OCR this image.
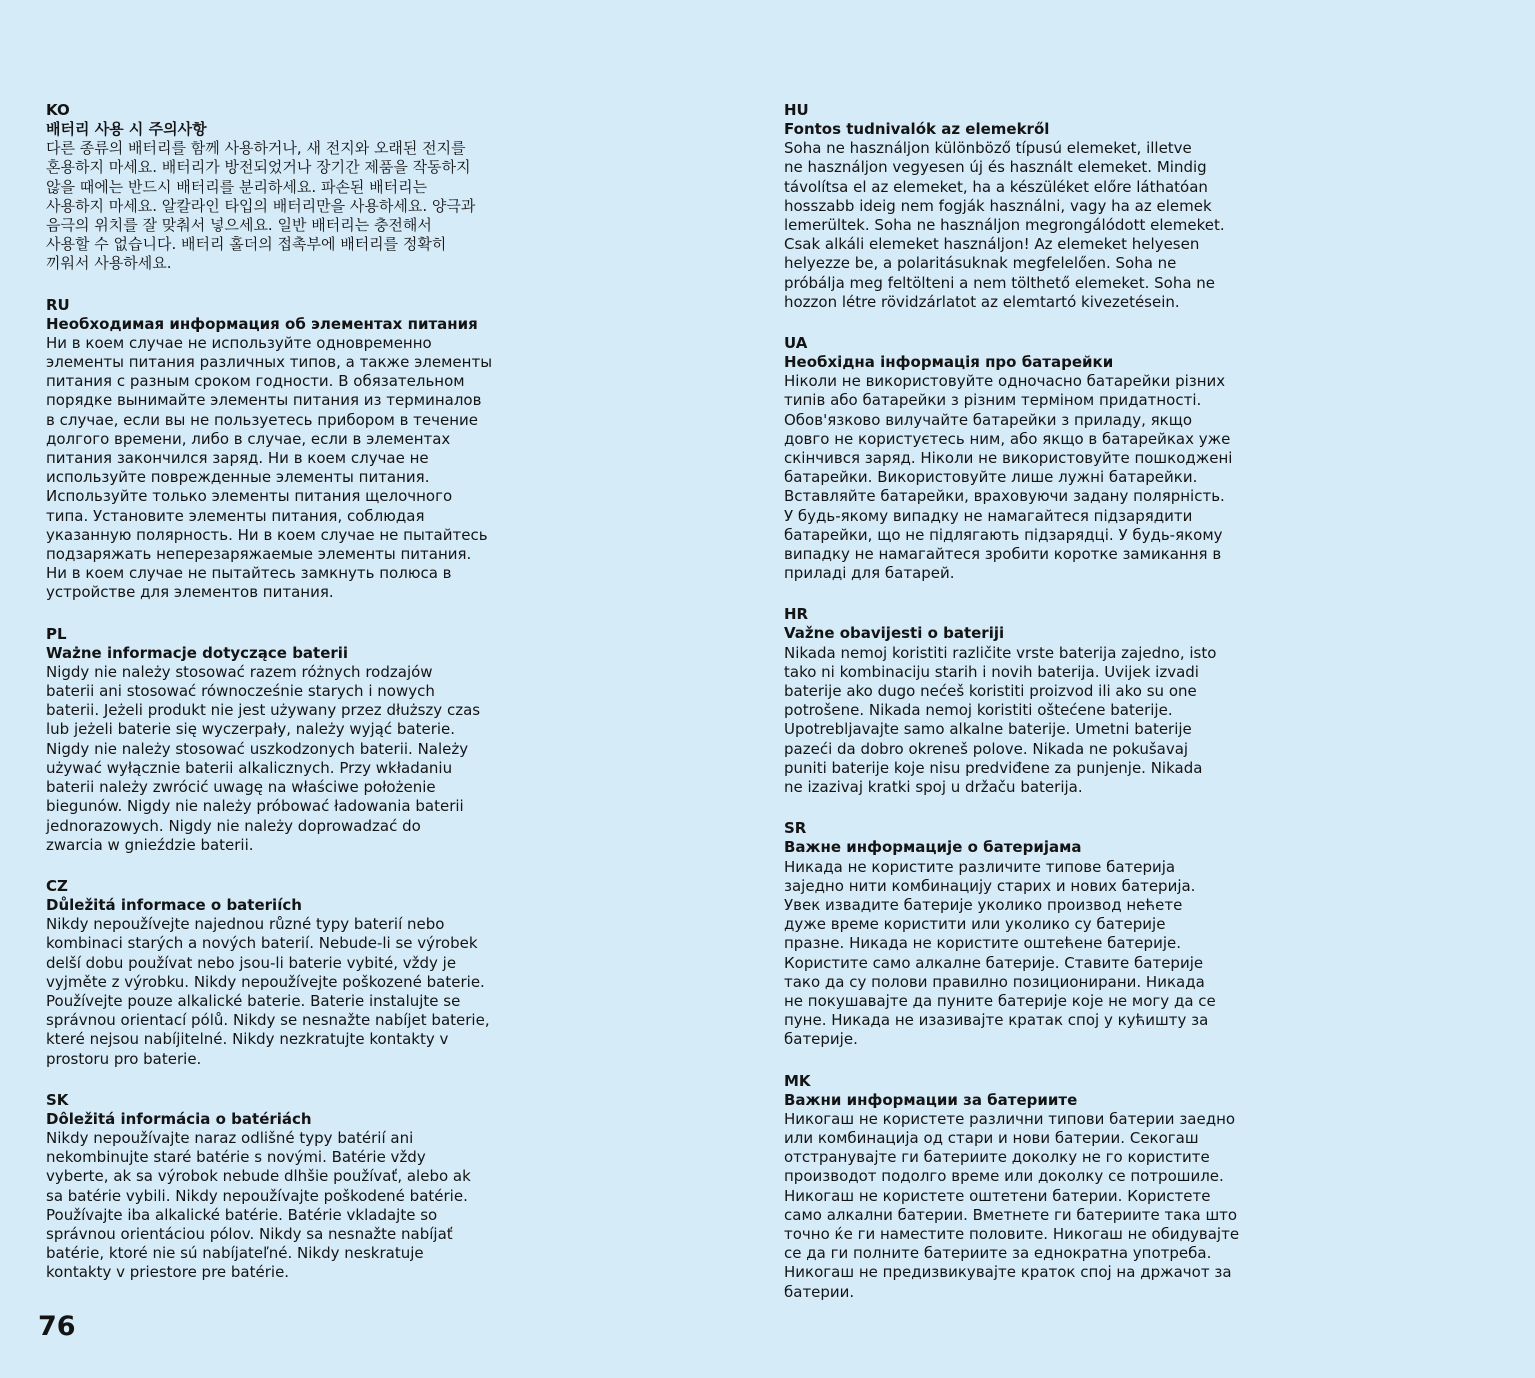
KO

배터리 사용 시 주의사항

다른 종류의 배터리를 함께 사용하거나, 새 전지와 오래된 전지를
혼용하지 마세요. 배터리가 방전되었거나 장기간 제품을 작동하지
않을 때에는 반드시 배터리를 분리하세요. 파손된 배터리는
사용하지 마세요. 알칼라인 타입의 배터리만을 사용하세요. 양극과
음극의 위치를 잘 맞춰서 넣으세요. 일반 배터리는 충전해서
사용할 수 없습니다. 배터리 홀더의 접촉부에 배터리를 정확히
끼워서 사용하세요.

RU

Необходимая информация об элементах питания

Ни в коем случае не используйте одновременно
элементы питания различных типов, а также элементы
питания с разным сроком годности. В обязательном
порядке вынимайте элементы питания из терминалов
в случае, если вы не пользуетесь прибором в течение
долгого времени, либо в случае, если в элементах
питания закончился заряд. Ни в коем случае не
используйте поврежденные элементы питания.
Используйте только элементы питания щелочного
типа. Установите элементы питания, соблюдая
указанную полярность. Ни в коем случае не пытайтесь
подзаряжать неперезаряжаемые элементы питания.
Ни в коем случае не пытайтесь замкнуть полюса в
устройстве для элементов питания.

PL

Ważne informacje dotyczące baterii

Nigdy nie należy stosować razem różnych rodzajów
baterii ani stosować równocześnie starych i nowych
baterii. Jeżeli produkt nie jest używany przez dłuższy czas
lub jeżeli baterie się wyczerpały, należy wyjąć baterie.
Nigdy nie należy stosować uszkodzonych baterii. Należy
używać wyłącznie baterii alkalicznych. Przy wkładaniu
baterii należy zwrócić uwagę na właściwe położenie
biegunów. Nigdy nie należy próbować ładowania baterii
jednorazowych. Nigdy nie należy doprowadzać do
zwarcia w gnieździe baterii.

CZ

Důležitá informace o bateriích

Nikdy nepoužívejte najednou různé typy baterií nebo
kombinaci starých a nových baterií. Nebude-li se výrobek
delší dobu používat nebo jsou-li baterie vybité, vždy je
vyjměte z výrobku. Nikdy nepoužívejte poškozené baterie.
Používejte pouze alkalické baterie. Baterie instalujte se
správnou orientací pólů. Nikdy se nesnažte nabíjet baterie,
které nejsou nabíjitelné. Nikdy nezkratujte kontakty v
prostoru pro baterie.

SK

Dôležitá informácia o batériách

Nikdy nepoužívajte naraz odlišné typy batérií ani
nekombinujte staré batérie s novými. Batérie vždy
vyberte, ak sa výrobok nebude dlhšie používať, alebo ak
sa batérie vybili. Nikdy nepoužívajte poškodené batérie.
Používajte iba alkalické batérie. Batérie vkladajte so
správnou orientáciou pólov. Nikdy sa nesnažte nabíjať
batérie, ktoré nie sú nabíjateľné. Nikdy neskratuje
kontakty v priestore pre batérie.

HU

Fontos tudnivalók az elemekről

Soha ne használjon különböző típusú elemeket, illetve
ne használjon vegyesen új és használt elemeket. Mindig
távolítsa el az elemeket, ha a készüléket előre láthatóan
hosszabb ideig nem fogják használni, vagy ha az elemek
lemerültek. Soha ne használjon megrongálódott elemeket.
Csak alkáli elemeket használjon! Az elemeket helyesen
helyezze be, a polaritásuknak megfelelően. Soha ne
próbálja meg feltölteni a nem tölthető elemeket. Soha ne
hozzon létre rövidzárlatot az elemtartó kivezetésein.

UA

Необхідна інформація про батарейки

Ніколи не використовуйте одночасно батарейки різних
типів або батарейки з різним терміном придатності.
Обов'язково вилучайте батарейки з приладу, якщо
довго не користуєтесь ним, або якщо в батарейках уже
скінчився заряд. Ніколи не використовуйте пошкоджені
батарейки. Використовуйте лише лужні батарейки.
Вставляйте батарейки, враховуючи задану полярність.
У будь-якому випадку не намагайтеся підзарядити
батарейки, що не підлягають підзарядці. У будь-якому
випадку не намагайтеся зробити коротке замикання в
приладі для батарей.

HR

Važne obavijesti o bateriji

Nikada nemoj koristiti različite vrste baterija zajedno, isto
tako ni kombinaciju starih i novih baterija. Uvijek izvadi
baterije ako dugo nećeš koristiti proizvod ili ako su one
potrošene. Nikada nemoj koristiti oštećene baterije.
Upotrebljavajte samo alkalne baterije. Umetni baterije
pazeći da dobro okreneš polove. Nikada ne pokušavaj
puniti baterije koje nisu predviđene za punjenje. Nikada
ne izazivaj kratki spoj u držaču baterija.

SR

Важне информације о батеријама

Никада не користите различите типове батерија
заједно нити комбинацију старих и нових батерија.
Увек извадите батерије уколико производ нећете
дуже време користити или уколико су батерије
празне. Никада не користите оштећене батерије.
Користите само алкалне батерије. Ставите батерије
тако да су полови правилно позиционирани. Никада
не покушавајте да пуните батерије које не могу да се
пуне. Никада не изазивајте кратак спој у кућишту за
батерије.

MK

Важни информации за батериите

Никогаш не користете различни типови батерии заедно
или комбинација од стари и нови батерии. Секогаш
отстранувајте ги батериите доколку не го користите
производот подолго време или доколку се потрошиле.
Никогаш не користете оштетени батерии. Користете
само алкални батерии. Вметнете ги батериите така што
точно ќе ги наместите половите. Никогаш не обидувајте
се да ги полните батериите за еднократна употреба.
Никогаш не предизвикувајте краток спој на држачот за
батерии.

76
